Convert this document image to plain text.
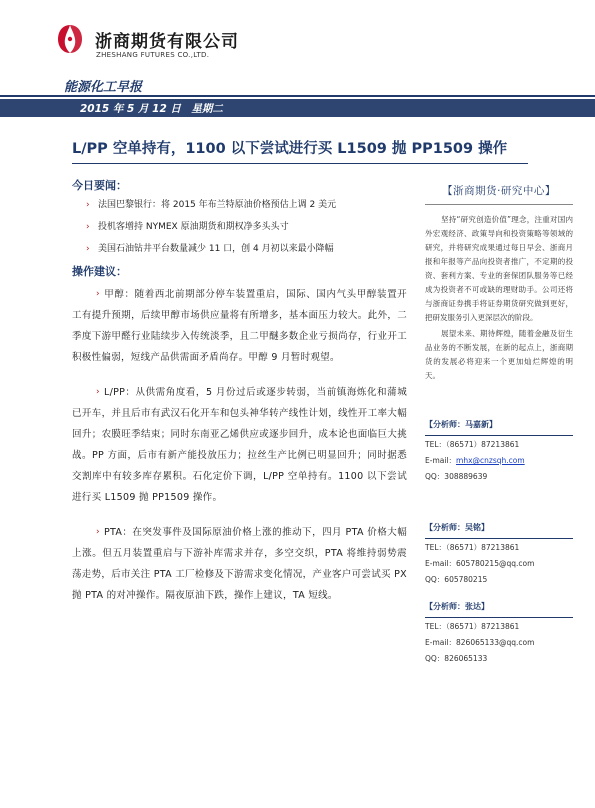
浙商期货有限公司
ZHESHANG FUTURES CO.,LTD.
能源化工早报
2015 年 5 月 12 日　星期二
L/PP 空单持有，1100 以下尝试进行买 L1509 抛 PP1509 操作
今日要闻：
› 法国巴黎银行：将 2015 年布兰特原油价格预估上调 2 美元
› 投机客增持 NYMEX 原油期货和期权净多头头寸
› 美国石油钻井平台数量减少 11 口，创 4 月初以来最小降幅
操作建议：
› 甲醇：随着西北前期部分停车装置重启，国际、国内气头甲醇装置开工有提升预期，后续甲醇市场供应量将有所增多，基本面压力较大。此外，二季度下游甲醛行业陆续步入传统淡季，且二甲醚多数企业亏损尚存，行业开工积极性偏弱，短线产品供需面矛盾尚存。甲醇 9 月暂时观望。
› L/PP：从供需角度看，5 月份过后或逐步转弱，当前镇海炼化和蒲城已开车，并且后市有武汉石化开车和包头神华转产线性计划，线性开工率大幅回升；农膜旺季结束；同时东南亚乙烯供应或逐步回升，成本论也面临巨大挑战。PP 方面，后市有新产能投放压力；拉丝生产比例已明显回升；同时据悉交割库中有较多库存累积。石化定价下调，L/PP 空单持有。1100 以下尝试进行买 L1509 抛 PP1509 操作。
› PTA：在突发事件及国际原油价格上涨的推动下，四月 PTA 价格大幅上涨。但五月装置重启与下游补库需求并存，多空交织，PTA 将维持弱势震荡走势，后市关注 PTA 工厂检修及下游需求变化情况，产业客户可尝试买 PX 抛 PTA 的对冲操作。隔夜原油下跌，操作上建议，TA 短线。
【浙商期货·研究中心】

坚持“研究创造价值”理念，注重对国内外宏观经济、政策导向和投资策略等领域的研究，并将研究成果通过每日早会、浙商月报和年报等产品向投资者推广，不定期的投资、套利方案、专业的套保团队服务等已经成为投资者不可或缺的理财助手。公司还将与浙商证券携手将证券期货研究做到更好，把研发服务引入更深层次的阶段。

展望未来、期待辉煌，随着金融及衍生品业务的不断发展，在新的起点上，浙商期货的发展必将迎来一个更加灿烂辉煌的明天。

【分析师：马嘉新】
TEL：（86571）87213861
E-mail：mhx@cnzsqh.com
QQ：308889639
【分析师：吴铭】
TEL：（86571）87213861
E-mail：605780215@qq.com
QQ：605780215
【分析师：张达】
TEL：（86571）87213861
E-mail：826065133@qq.com
QQ：826065133
